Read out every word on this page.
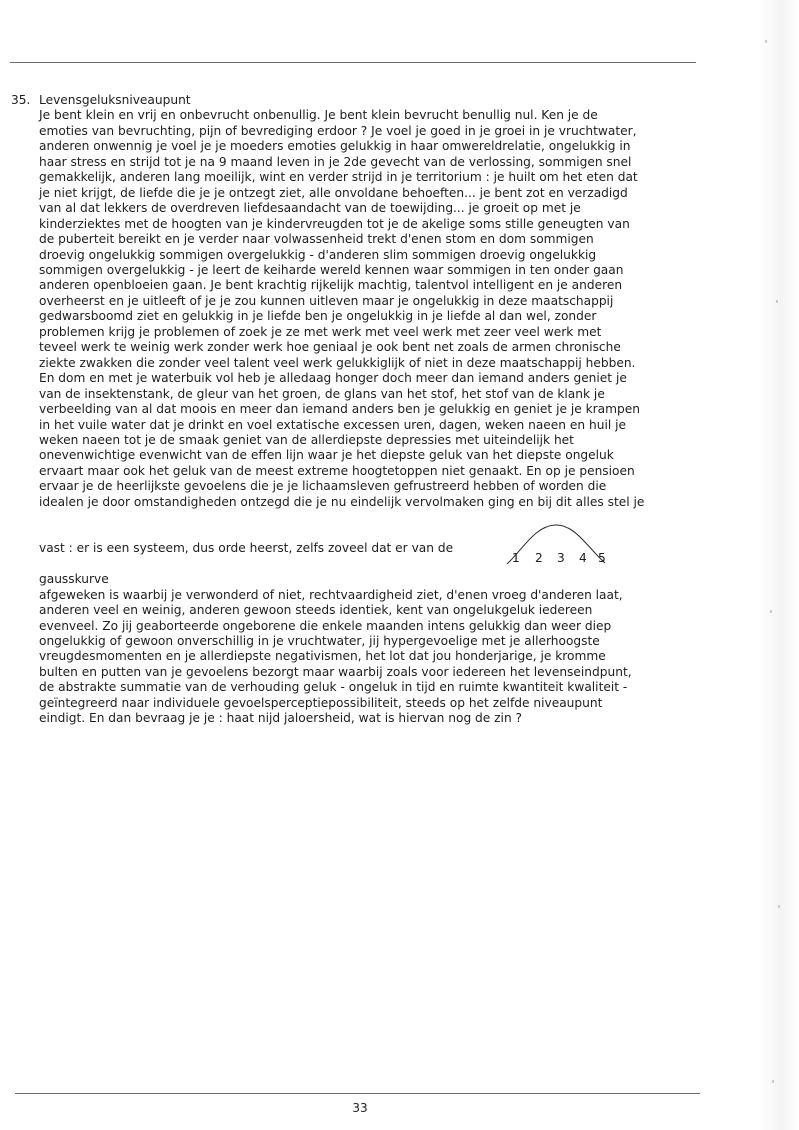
35. Levensgeluksniveaupunt
Je bent klein en vrij en onbevrucht onbenullig. Je bent klein bevrucht benullig nul. Ken je de
emoties van bevruchting, pijn of bevrediging erdoor ? Je voel je goed in je groei in je vruchtwater,
anderen onwennig je voel je je moeders emoties gelukkig in haar omwereldrelatie, ongelukkig in
haar stress en strijd tot je na 9 maand leven in je 2de gevecht van de verlossing, sommigen snel
gemakkelijk, anderen lang moeilijk, wint en verder strijd in je territorium : je huilt om het eten dat
je niet krijgt, de liefde die je je ontzegt ziet, alle onvoldane behoeften... je bent zot en verzadigd
van al dat lekkers de overdreven liefdesaandacht van de toewijding... je groeit op met je
kinderziektes met de hoogten van je kindervreugden tot je de akelige soms stille geneugten van
de puberteit bereikt en je verder naar volwassenheid trekt d'enen stom en dom sommigen
droevig ongelukkig sommigen overgelukkig - d'anderen slim sommigen droevig ongelukkig
sommigen overgelukkig - je leert de keiharde wereld kennen waar sommigen in ten onder gaan
anderen openbloeien gaan. Je bent krachtig rijkelijk machtig, talentvol intelligent en je anderen
overheerst en je uitleeft of je je zou kunnen uitleven maar je ongelukkig in deze maatschappij
gedwarsboomd ziet en gelukkig in je liefde ben je ongelukkig in je liefde al dan wel, zonder
problemen krijg je problemen of zoek je ze met werk met veel werk met zeer veel werk met
teveel werk te weinig werk zonder werk hoe geniaal je ook bent net zoals de armen chronische
ziekte zwakken die zonder veel talent veel werk gelukkiglijk of niet in deze maatschappij hebben.
En dom en met je waterbuik vol heb je alledaag honger doch meer dan iemand anders geniet je
van de insektenstank, de gleur van het groen, de glans van het stof, het stof van de klank je
verbeelding van al dat moois en meer dan iemand anders ben je gelukkig en geniet je je krampen
in het vuile water dat je drinkt en voel extatische excessen uren, dagen, weken naeen en huil je
weken naeen tot je de smaak geniet van de allerdiepste depressies met uiteindelijk het
onevenwichtige evenwicht van de effen lijn waar je het diepste geluk van het diepste ongeluk
ervaart maar ook het geluk van de meest extreme hoogtetoppen niet genaakt. En op je pensioen
ervaar je de heerlijkste gevoelens die je je lichaamsleven gefrustreerd hebben of worden die
idealen je door omstandigheden ontzegd die je nu eindelijk vervolmaken ging en bij dit alles stel je
vast : er is een systeem, dus orde heerst, zelfs zoveel dat er van de
gausskurve
afgeweken is waarbij je verwonderd of niet, rechtvaardigheid ziet, d'enen vroeg d'anderen laat,
anderen veel en weinig, anderen gewoon steeds identiek, kent van ongelukgeluk iedereen
evenveel. Zo jij geaborteerde ongeborene die enkele maanden intens gelukkig dan weer diep
ongelukkig of gewoon onverschillig in je vruchtwater, jij hypergevoelige met je allerhoogste
vreugdesmomenten en je allerdiepste negativismen, het lot dat jou honderjarige, je kromme
bulten en putten van je gevoelens bezorgt maar waarbij zoals voor iedereen het levenseindpunt,
de abstrakte summatie van de verhouding geluk - ongeluk in tijd en ruimte kwantiteit kwaliteit -
geïntegreerd naar individuele gevoelsperceptiepossibiliteit, steeds op het zelfde niveaupunt
eindigt. En dan bevraag je je : haat nijd jaloersheid, wat is hiervan nog de zin ?
1 2 3 4 5
33
